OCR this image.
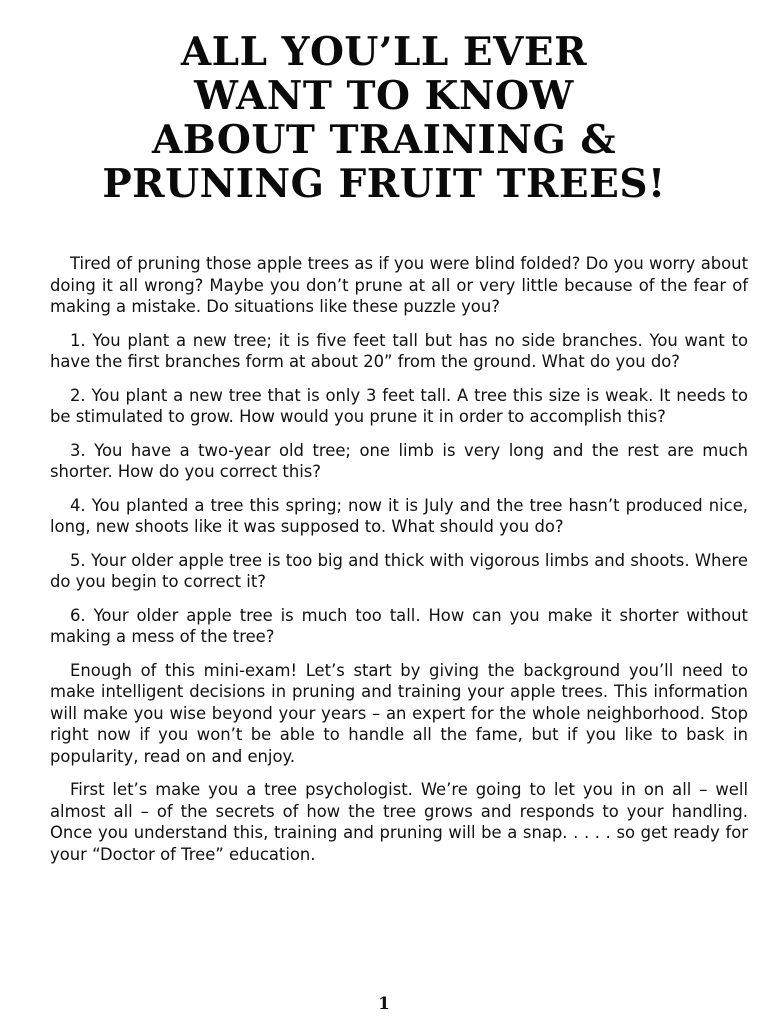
ALL YOU’LL EVER
WANT TO KNOW
ABOUT TRAINING &
PRUNING FRUIT TREES!

Tired of pruning those apple trees as if you were blind folded? Do you worry about doing it all wrong? Maybe you don’t prune at all or very little because of the fear of making a mistake. Do situations like these puzzle you?

1. You plant a new tree; it is five feet tall but has no side branches. You want to have the first branches form at about 20” from the ground. What do you do?

2. You plant a new tree that is only 3 feet tall. A tree this size is weak. It needs to be stimulated to grow. How would you prune it in order to accomplish this?

3. You have a two-year old tree; one limb is very long and the rest are much shorter. How do you correct this?

4. You planted a tree this spring; now it is July and the tree hasn’t produced nice, long, new shoots like it was supposed to. What should you do?

5. Your older apple tree is too big and thick with vigorous limbs and shoots. Where do you begin to correct it?

6. Your older apple tree is much too tall. How can you make it shorter without making a mess of the tree?

Enough of this mini-exam! Let’s start by giving the background you’ll need to make intelligent decisions in pruning and training your apple trees. This information will make you wise beyond your years – an expert for the whole neighborhood. Stop right now if you won’t be able to handle all the fame, but if you like to bask in popularity, read on and enjoy.

First let’s make you a tree psychologist. We’re going to let you in on all – well almost all – of the secrets of how the tree grows and responds to your handling. Once you understand this, training and pruning will be a snap. . . . . so get ready for your “Doctor of Tree” education.

1
